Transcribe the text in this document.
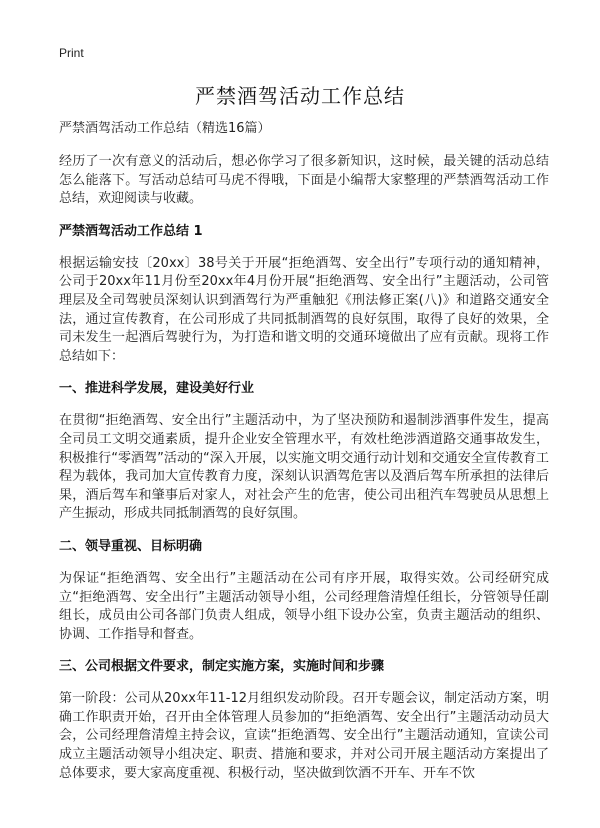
Print
严禁酒驾活动工作总结
严禁酒驾活动工作总结（精选16篇）

经历了一次有意义的活动后，想必你学习了很多新知识，这时候，最关键的活动总结怎么能落下。写活动总结可马虎不得哦，下面是小编帮大家整理的严禁酒驾活动工作总结，欢迎阅读与收藏。

严禁酒驾活动工作总结 1

根据运输安技〔20xx〕38号关于开展“拒绝酒驾、安全出行”专项行动的通知精神，公司于20xx年11月份至20xx年4月份开展“拒绝酒驾、安全出行”主题活动，公司管理层及全司驾驶员深刻认识到酒驾行为严重触犯《刑法修正案(八)》和道路交通安全法，通过宣传教育，在公司形成了共同抵制酒驾的良好氛围，取得了良好的效果，全司未发生一起酒后驾驶行为，为打造和谐文明的交通环境做出了应有贡献。现将工作总结如下：

一、推进科学发展，建设美好行业

在贯彻“拒绝酒驾、安全出行”主题活动中，为了坚决预防和遏制涉酒事件发生，提高全司员工文明交通素质，提升企业安全管理水平，有效杜绝涉酒道路交通事故发生，积极推行“零酒驾”活动的“深入开展，以实施文明交通行动计划和交通安全宣传教育工程为载体，我司加大宣传教育力度，深刻认识酒驾危害以及酒后驾车所承担的法律后果，酒后驾车和肇事后对家人，对社会产生的危害，使公司出租汽车驾驶员从思想上产生振动，形成共同抵制酒驾的良好氛围。

二、领导重视、目标明确

为保证“拒绝酒驾、安全出行”主题活动在公司有序开展，取得实效。公司经研究成立“拒绝酒驾、安全出行”主题活动领导小组，公司经理詹清煌任组长，分管领导任副组长，成员由公司各部门负责人组成，领导小组下设办公室，负责主题活动的组织、协调、工作指导和督查。

三、公司根据文件要求，制定实施方案，实施时间和步骤

第一阶段：公司从20xx年11-12月组织发动阶段。召开专题会议，制定活动方案，明确工作职责开始，召开由全体管理人员参加的“拒绝酒驾、安全出行”主题活动动员大会，公司经理詹清煌主持会议，宣读“拒绝酒驾、安全出行”主题活动通知，宣读公司成立主题活动领导小组决定、职责、措施和要求，并对公司开展主题活动方案提出了总体要求，要大家高度重视、积极行动，坚决做到饮酒不开车、开车不饮
